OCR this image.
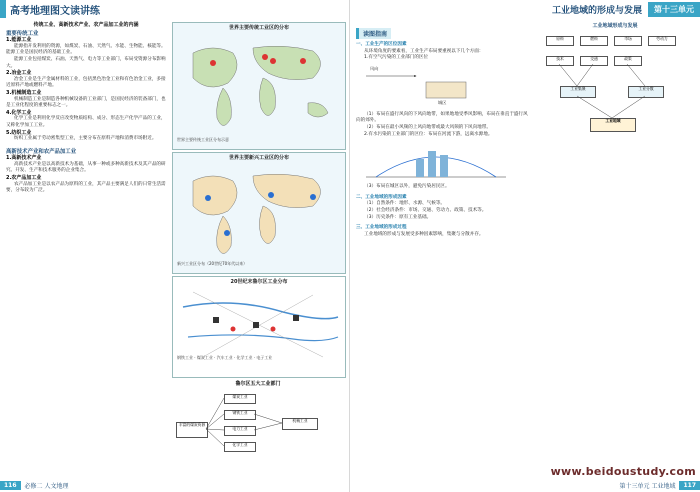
高考地理图文读讲练
传统工业、高新技术产业、农产品加工业的内涵
重要传统工业
1.能源工业

能源指开发利用的资源，如煤炭、石油、天然气、水能、生物能、核能等。能源工业是国民经济的基础工业。

能源工业包括煤炭、石油、天然气、电力等工业部门，布局受资源分布影响大。

2.冶金工业

冶金工业是生产金属材料的工业，包括黑色冶金工业和有色冶金工业，多接近原料产地或燃料产地。

3.机械制造工业

机械制造工业是制造各种机械设备的工业部门，是国民经济的装备部门，也是工业化程度的重要标志之一。

4.化学工业

化学工业是利用化学反应改变物质结构、成分、形态生产化学产品的工业，又称化学加工工业。

5.纺织工业

纺织工业属于劳动密集型工业，主要分布在原料产地和消费市场附近。

高新技术产业和农产品加工业
1.高新技术产业

高新技术产业是以高新技术为基础，从事一种或多种高新技术及其产品的研究、开发、生产和技术服务的企业集合。

2.农产品加工业

农产品加工业是以农产品为原料的工业，其产品主要满足人们的日常生活需要，分布较为广泛。

世界主要传统工业区的分布
世界主要传统工业区分布示意
世界主要新兴工业区的分布
新兴工业区分布（20世纪70年代以来）
20世纪末鲁尔区工业分布
钢铁工业 · 煤炭工业 · 汽车工业 · 化学工业 · 电子工业
鲁尔区五大工业部门
丰富的煤炭资源
煤炭工业
钢铁工业
电力工业
化学工业
机械工业
116	必修二 人文地理
工业地域的形成与发展	第十三单元
读图指南
一、工业生产的区位因素

从环境角度的要素看，工业生产布局要重视以下几个方面：

1.有空气污染的工业部门的区位

风向
城区

（1）布局在盛行风向的下风向地带，如果地地受季风影响，布局在垂直于盛行风向的郊外。

（2）布局在最小风频的上风向地带或最大风频的下风向地带。

2.有水污染的工业部门的区位：布局在河流下游，远离水源地。

（3）布局在城区以外，避免污染居民区。

二、工业地域的形成因素

（1）自然条件：地形、水源、气候等。

（2）社会经济条件：市场、交通、劳动力、政策、技术等。

（3）历史条件：原有工业基础。

三、工业地域的形成过程

工业地域的形成与发展受多种因素影响，集聚与分散并存。

工业地域形成与发展
原料	燃料	市场	劳动力
技术	交通	政策
工业集聚	工业分散
工业地域
第十三单元 工业地域	117
www.beidoustudy.com
